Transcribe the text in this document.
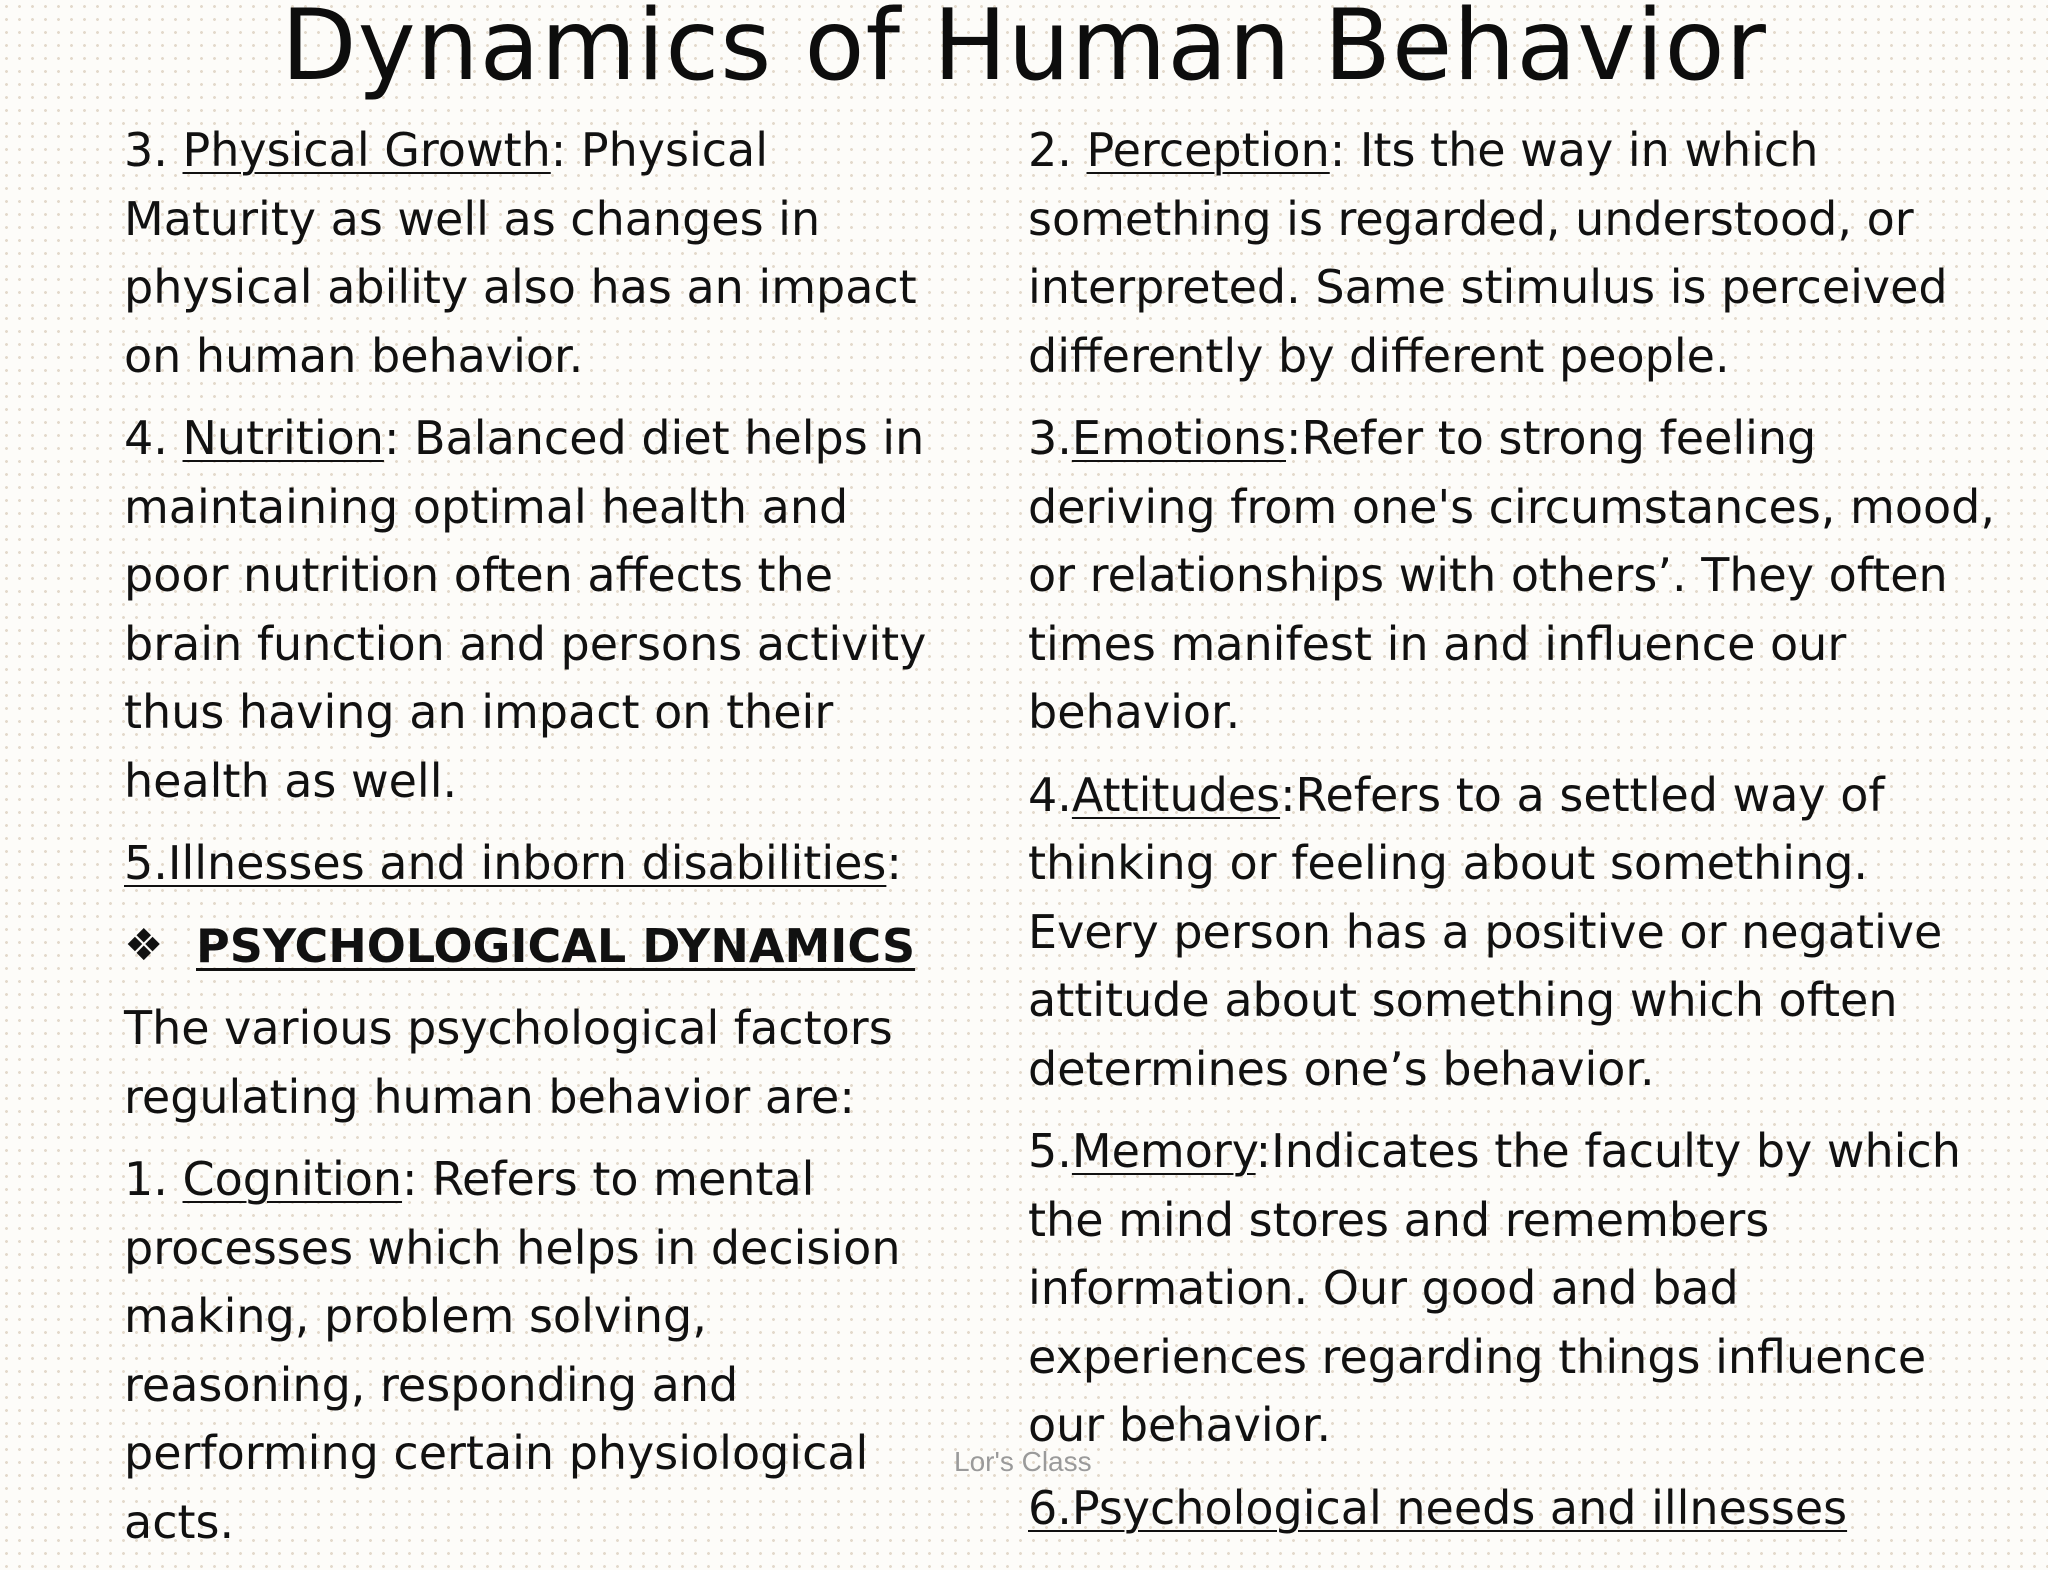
Dynamics of Human Behavior

3. Physical Growth: Physical Maturity as well as changes in physical ability also has an impact on human behavior.

4. Nutrition: Balanced diet helps in maintaining optimal health and poor nutrition often affects the brain function and persons activity thus having an impact on their health as well.

5.Illnesses and inborn disabilities:

❖ PSYCHOLOGICAL DYNAMICS

The various psychological factors regulating human behavior are:

1. Cognition: Refers to mental processes which helps in decision making, problem solving, reasoning, responding and performing certain physiological acts.

2. Perception: Its the way in which something is regarded, understood, or interpreted. Same stimulus is perceived differently by different people.

3.Emotions:Refer to strong feeling deriving from one's circumstances, mood, or relationships with others’. They often times manifest in and influence our behavior.

4.Attitudes:Refers to a settled way of thinking or feeling about something. Every person has a positive or negative attitude about something which often determines one’s behavior.

5.Memory:Indicates the faculty by which the mind stores and remembers information. Our good and bad experiences regarding things influence our behavior.

6.Psychological needs and illnesses

Lor's Class
